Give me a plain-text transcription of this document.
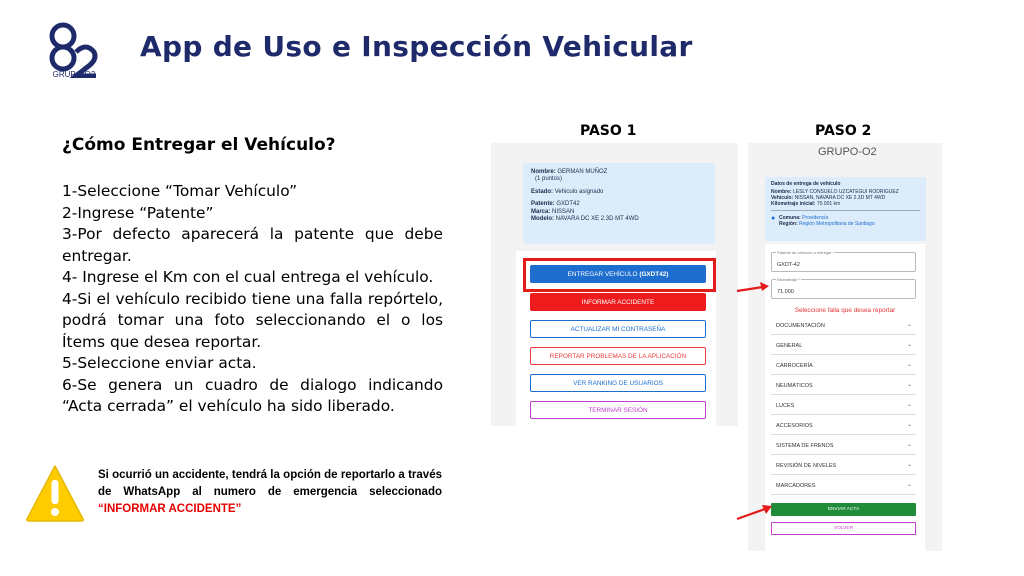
GRUPO-O2
App de Uso e Inspección Vehicular
¿Cómo Entregar el Vehículo?

1-Seleccione “Tomar Vehículo”

2-Ingrese “Patente”

3-Por defecto aparecerá la patente que debe entregar.

4- Ingrese el Km con el cual entrega el vehículo.

4-Si el vehículo recibido tiene una falla repórtelo, podrá tomar una foto seleccionando el o los Ítems que desea reportar.

5-Seleccione enviar acta.

6-Se genera un cuadro de dialogo indicando “Acta cerrada” el vehículo ha sido liberado.

Si ocurrió un accidente, tendrá la opción de reportarlo a través de WhatsApp al numero de emergencia seleccionado “INFORMAR ACCIDENTE”
PASO 1	PASO 2
Nombre: GERMAN MUÑOZ
(1 puntos)
Estado: Vehiculo asignado
Patente: GXDT42
Marca: NISSAN
Modelo: NAVARA DC XE 2.3D MT 4WD
ENTREGAR VEHÍCULO
(GXDT42)
INFORMAR ACCIDENTE
ACTUALIZAR MI CONTRASEÑA
REPORTAR PROBLEMAS DE LA APLICACIÓN
VER RANKING DE USUARIOS
TERMINAR SESIÓN
GRUPO-O2
Datos de entrega de vehículo
Nombre: LESLY CONSUELO UZCATEGUI RODRIGUEZ
Vehículo: NISSAN, NAVARA DC XE 2.3D MT 4WD
Kilometraje inicial: 70.001 km
● Comuna: Providencia
Región: Región Metropolitana de Santiago
Patente de vehículo a entregar *
GXDT-42
Kilometraje *
71.000
Seleccione falla que desea reportar
DOCUMENTACIÓN	⌄
GENERAL	⌄
CARROCERÍA	⌄
NEUMÁTICOS	⌄
LUCES	⌄
ACCESORIOS	⌄
SISTEMA DE FRENOS	⌄
REVISIÓN DE NIVELES	⌄
MARCADORES	⌄
ENVIAR ACTA
VOLVER
